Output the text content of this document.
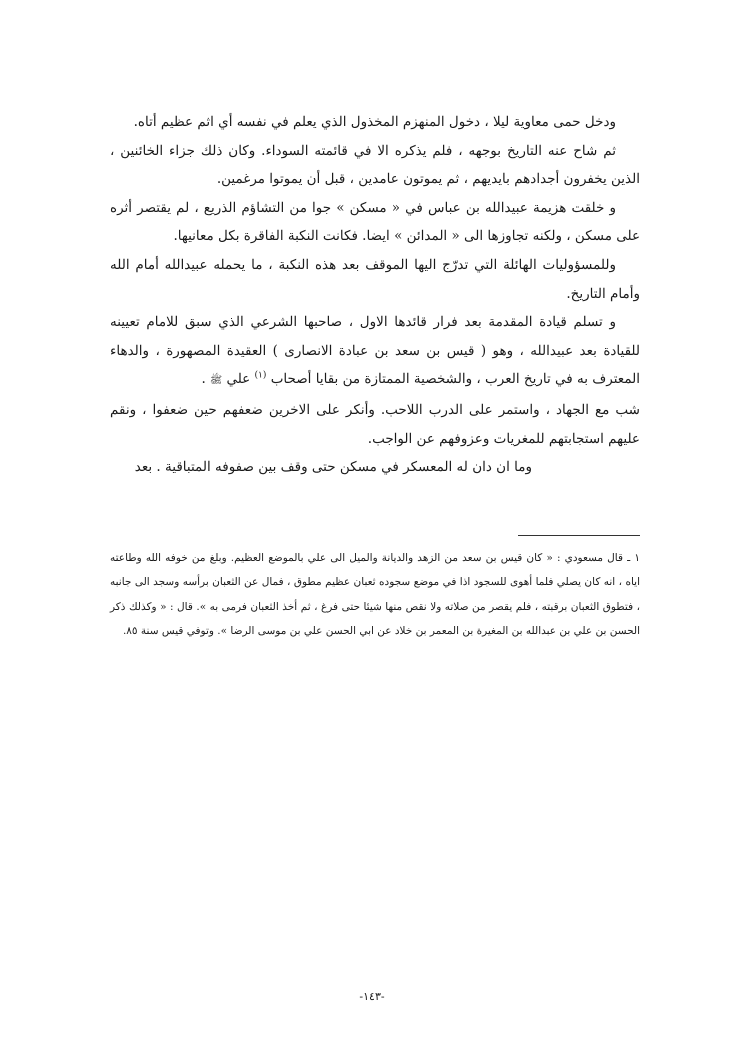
ودخل حمى معاوية ليلا ، دخول المنهزم المخذول الذي يعلم في نفسه أي اثم عظيم أتاه.

ثم شاح عنه التاريخ بوجهه ، فلم يذكره الا في قائمته السوداء. وكان ذلك جزاء الخائنين ، الذين يخفرون أجدادهم بايديهم ، ثم يموتون عامدين ، قبل أن يموتوا مرغمين.

و خلقت هزيمة عبيدالله بن عباس في « مسكن » جوا من التشاؤم الذريع ، لم يقتصر أثره على مسكن ، ولكنه تجاوزها الى « المدائن » ايضا. فكانت النكبة الفاقرة بكل معانيها.

وللمسؤوليات الهائلة التي تدرّج اليها الموقف بعد هذه النكبة ، ما يحمله عبيدالله أمام الله وأمام التاريخ.

و تسلم قيادة المقدمة بعد فرار قائدها الاول ، صاحبها الشرعي الذي سبق للامام تعيينه للقيادة بعد عبيدالله ، وهو ( قيس بن سعد بن عبادة الانصارى ) العقيدة المصهورة ، والدهاء المعترف به في تاريخ العرب ، والشخصية الممتازة من بقايا أصحاب $^{(١)}$ علي ﷺ .

شب مع الجهاد ، واستمر على الدرب اللاحب. وأنكر على الاخرين ضعفهم حين ضعفوا ، ونقم عليهم استجابتهم للمغريات وعزوفهم عن الواجب.

وما ان دان له المعسكر في مسكن حتى وقف بين صفوفه المتباقية . بعد

١ ـ قال مسعودي : « كان قيس بن سعد من الزهد والديانة والميل الى علي بالموضع العظيم. وبلغ من خوفه الله وطاعته اياه ، انه كان يصلي فلما أهوى للسجود اذا في موضع سجوده ثعبان عظيم مطوق ، فمال عن الثعبان برأسه وسجد الى جانبه ، فتطوق الثعبان برقبته ، فلم يقصر من صلاته ولا نقص منها شيئا حتى فرغ ، ثم أخذ الثعبان فرمى به ». قال : « وكذلك ذكر الحسن بن علي بن عبدالله بن المغيرة بن المعمر بن خلاد عن ابي الحسن علي بن موسى الرضا ». وتوفي قيس سنة ٨٥.

-١٤٣-
